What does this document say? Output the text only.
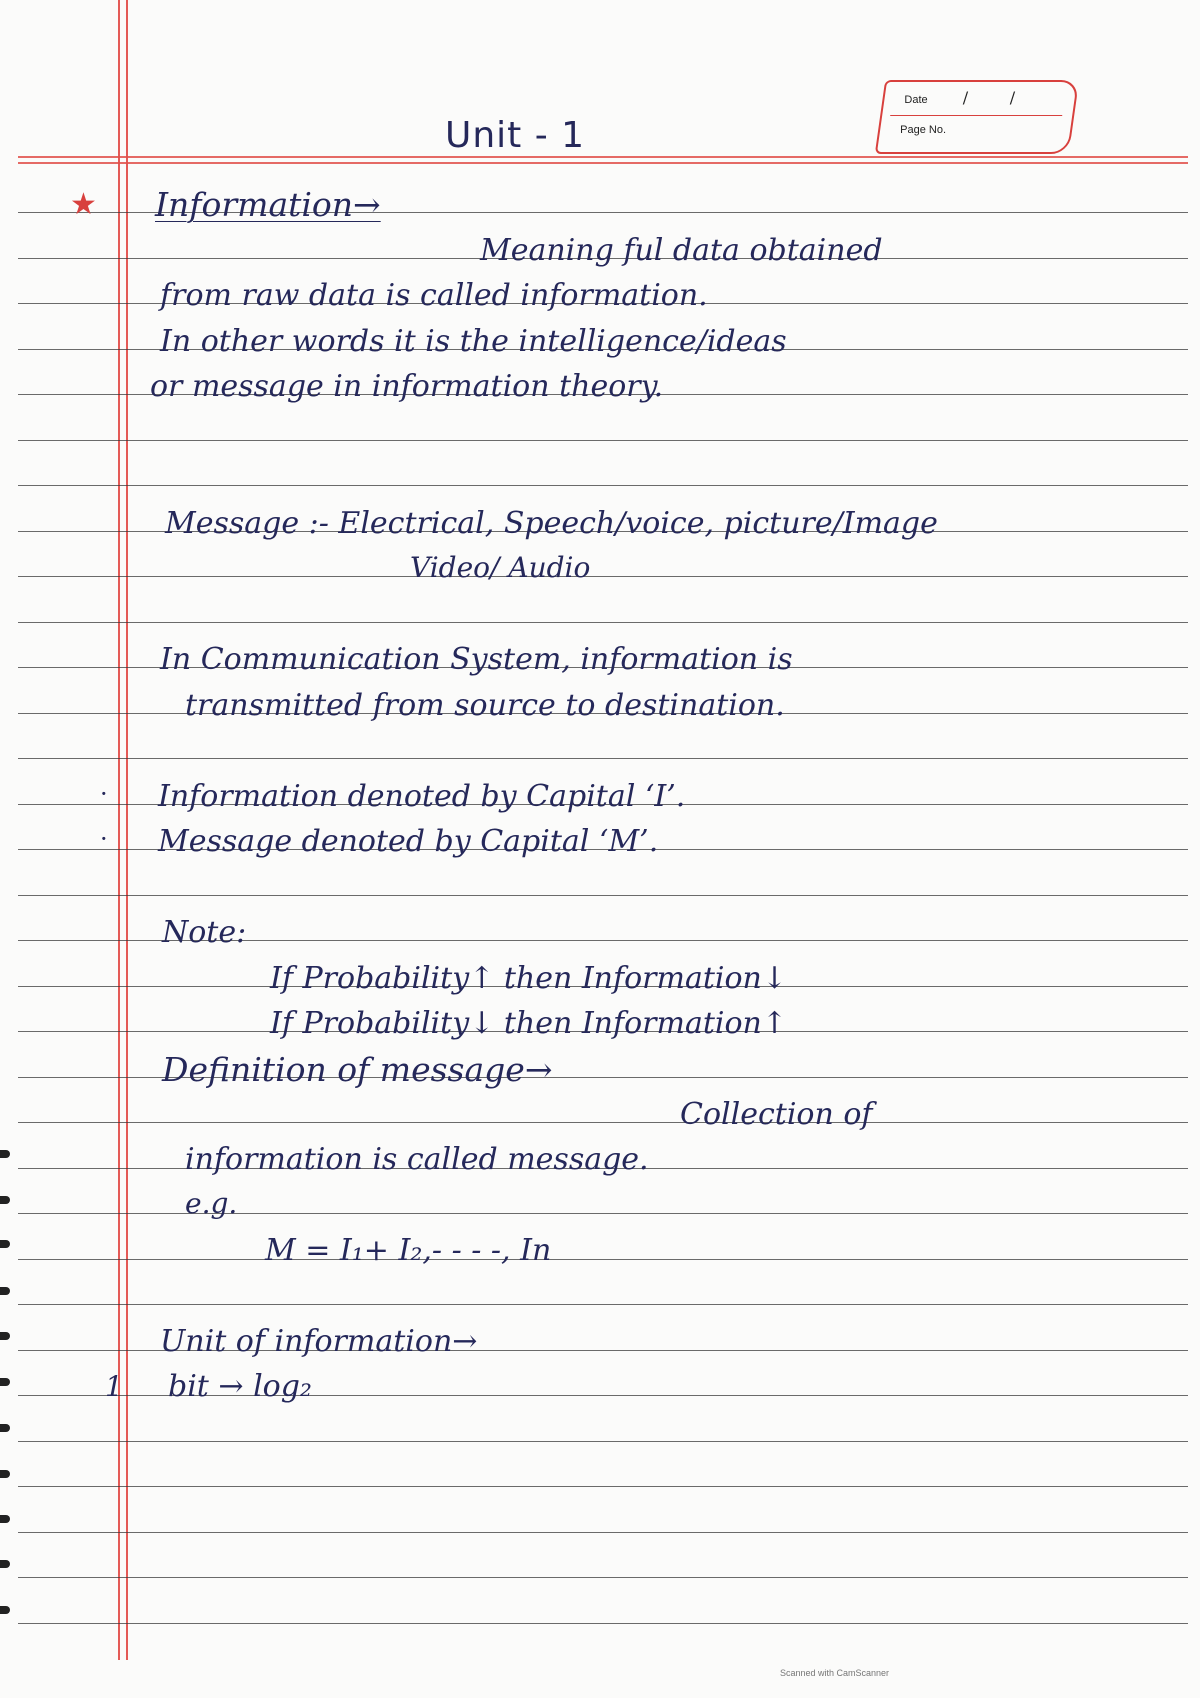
Unit - 1
Date /	/
Page No.
★ Information→
Meaning ful data obtained
from raw data is called information.
In other words it is the intelligence/ideas
or message in information theory.
Message :- Electrical, Speech/voice, picture/Image
Video/ Audio
In Communication System, information is
transmitted from source to destination.
· Information denoted by Capital ‘I’.
· Message denoted by Capital ‘M’.
Note:
If Probability↑ then Information↓
If Probability↓ then Information↑
Definition of message→
Collection of
information is called message.
e.g.
M = I₁+ I₂,- - - -, In
Unit of information→
1 bit → log₂
Scanned with CamScanner
